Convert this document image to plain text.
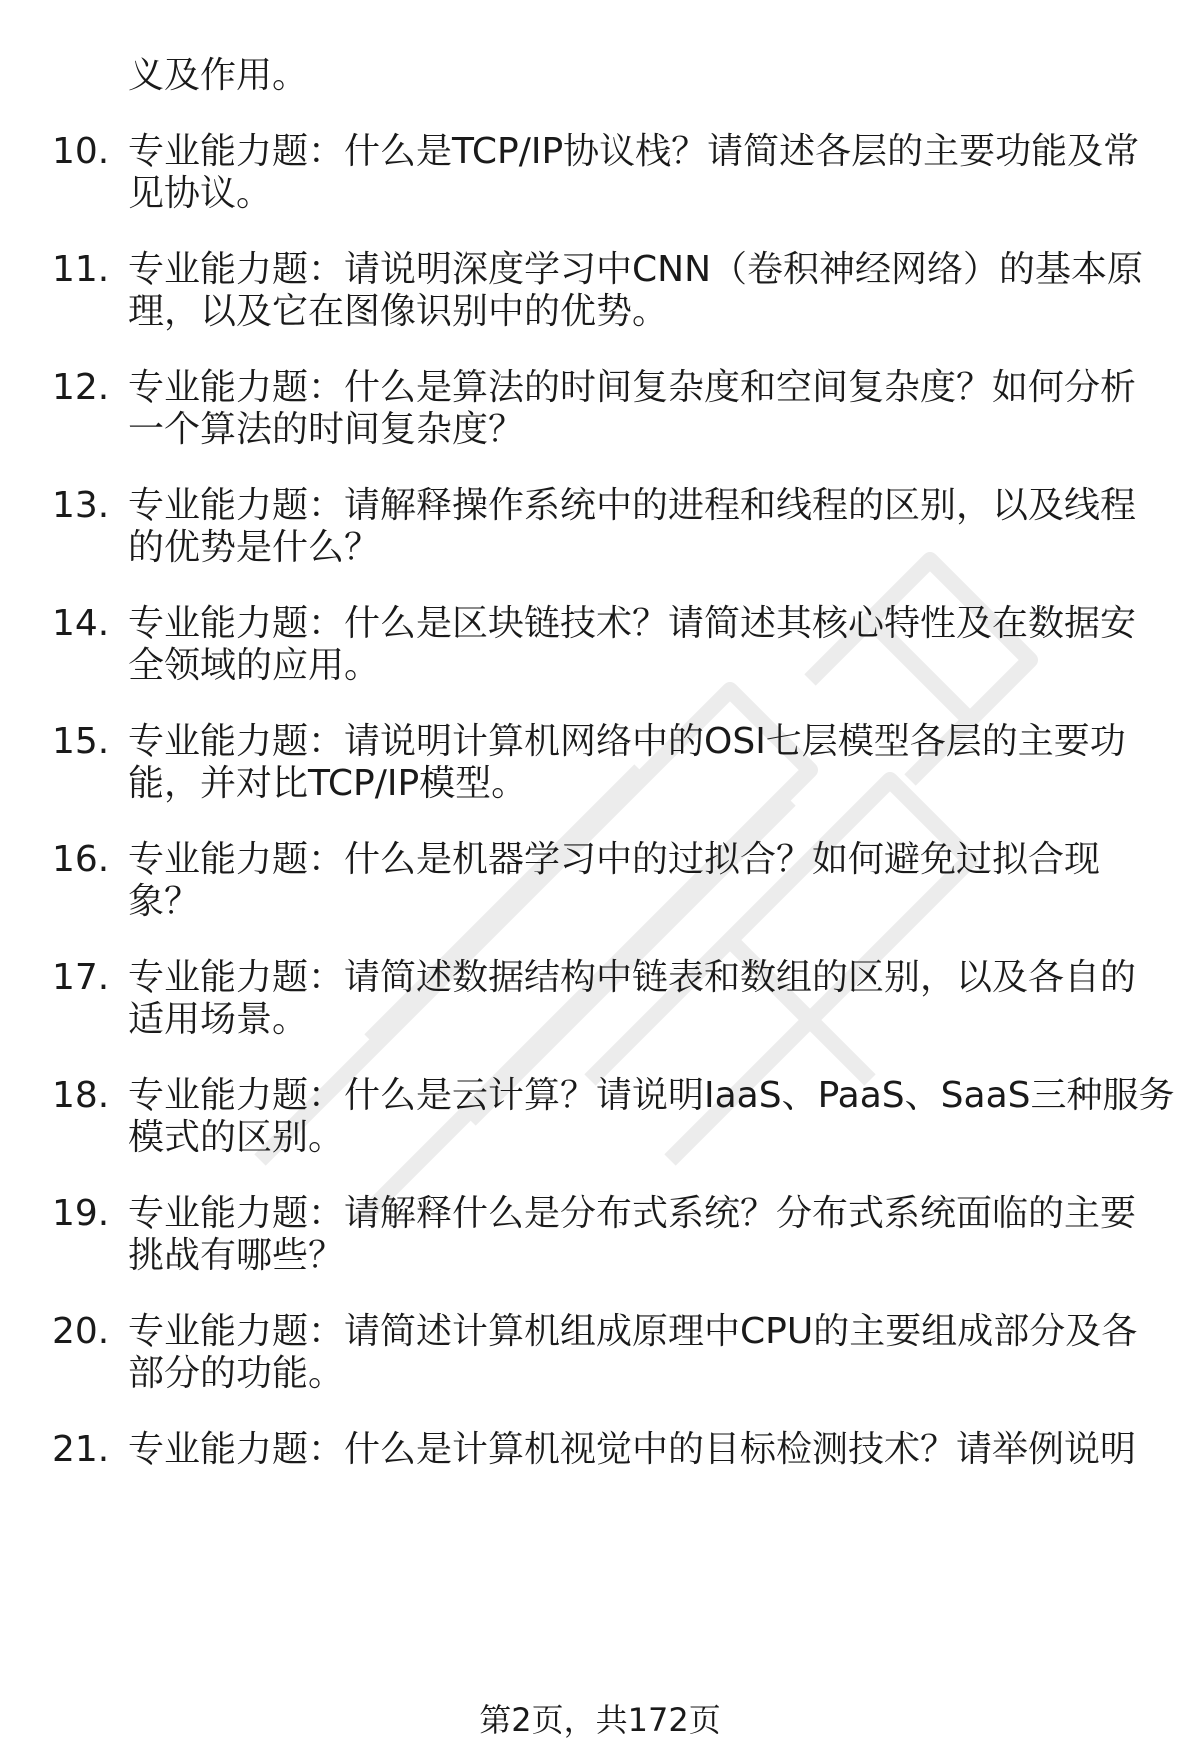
义及作用。
10. 专业能力题：什么是TCP/IP协议栈？请简述各层的主要功能及常
见协议。
11. 专业能力题：请说明深度学习中CNN（卷积神经网络）的基本原
理，以及它在图像识别中的优势。
12. 专业能力题：什么是算法的时间复杂度和空间复杂度？如何分析
一个算法的时间复杂度？
13. 专业能力题：请解释操作系统中的进程和线程的区别，以及线程
的优势是什么？
14. 专业能力题：什么是区块链技术？请简述其核心特性及在数据安
全领域的应用。
15. 专业能力题：请说明计算机网络中的OSI七层模型各层的主要功
能，并对比TCP/IP模型。
16. 专业能力题：什么是机器学习中的过拟合？如何避免过拟合现
象？
17. 专业能力题：请简述数据结构中链表和数组的区别，以及各自的
适用场景。
18. 专业能力题：什么是云计算？请说明IaaS、PaaS、SaaS三种服务
模式的区别。
19. 专业能力题：请解释什么是分布式系统？分布式系统面临的主要
挑战有哪些？
20. 专业能力题：请简述计算机组成原理中CPU的主要组成部分及各
部分的功能。
21. 专业能力题：什么是计算机视觉中的目标检测技术？请举例说明
第2页，共172页
